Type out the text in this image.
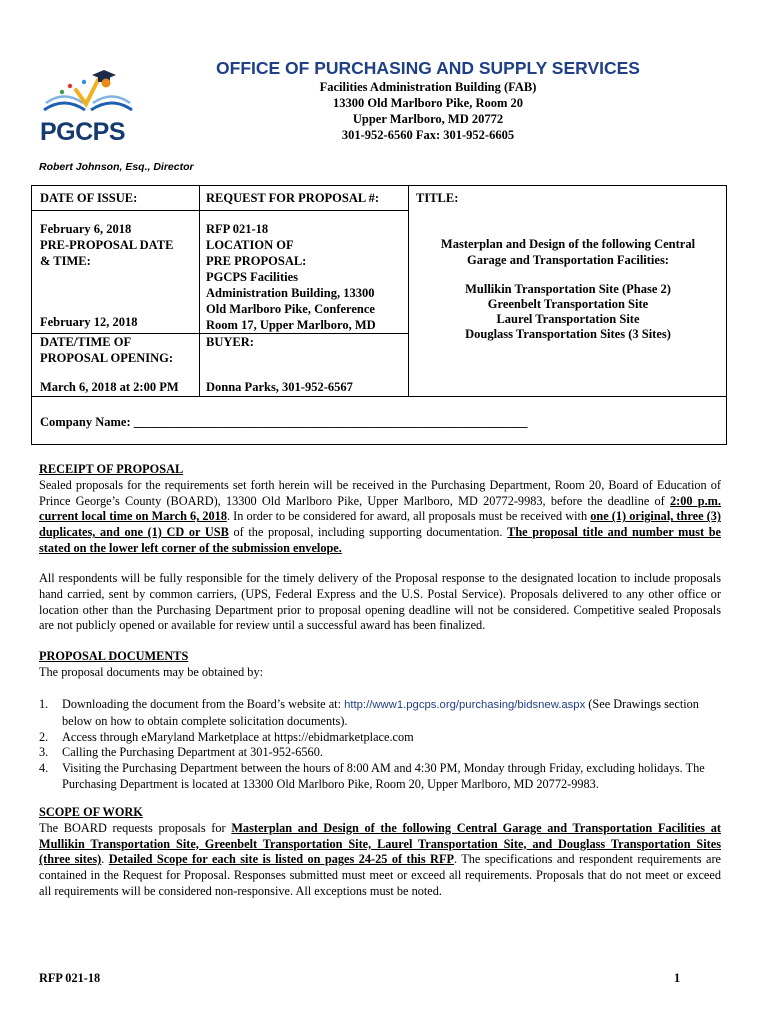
PGCPS
OFFICE OF PURCHASING AND SUPPLY SERVICES
Facilities Administration Building (FAB)
13300 Old Marlboro Pike, Room 20
Upper Marlboro, MD 20772
301-952-6560 Fax: 301-952-6605
Robert Johnson, Esq., Director
DATE OF ISSUE:
February 6, 2018
PRE-PROPOSAL DATE
& TIME:
February 12, 2018
DATE/TIME OF
PROPOSAL OPENING:
March 6, 2018 at 2:00 PM
REQUEST FOR PROPOSAL #:
RFP 021-18
LOCATION OF
PRE PROPOSAL:
PGCPS Facilities
Administration Building, 13300
Old Marlboro Pike, Conference
Room 17, Upper Marlboro, MD
BUYER:
Donna Parks, 301-952-6567
TITLE:
Masterplan and Design of the following Central
Garage and Transportation Facilities:
Mullikin Transportation Site (Phase 2)
Greenbelt Transportation Site
Laurel Transportation Site
Douglass Transportation Sites (3 Sites)
Company Name: _______________________________________________________________
RECEIPT OF PROPOSAL
Sealed proposals for the requirements set forth herein will be received in the Purchasing Department, Room 20, Board of Education of Prince George’s County (BOARD), 13300 Old Marlboro Pike, Upper Marlboro, MD 20772-9983, before the deadline of 2:00 p.m. current local time on March 6, 2018. In order to be considered for award, all proposals must be received with one (1) original, three (3) duplicates, and one (1) CD or USB of the proposal, including supporting documentation. The proposal title and number must be stated on the lower left corner of the submission envelope.
All respondents will be fully responsible for the timely delivery of the Proposal response to the designated location to include proposals hand carried, sent by common carriers, (UPS, Federal Express and the U.S. Postal Service). Proposals delivered to any other office or location other than the Purchasing Department prior to proposal opening deadline will not be considered. Competitive sealed Proposals are not publicly opened or available for review until a successful award has been finalized.
PROPOSAL DOCUMENTS
The proposal documents may be obtained by:
1. Downloading the document from the Board’s website at: http://www1.pgcps.org/purchasing/bidsnew.aspx (See Drawings section below on how to obtain complete solicitation documents).
2. Access through eMaryland Marketplace at https://ebidmarketplace.com
3. Calling the Purchasing Department at 301-952-6560.
4. Visiting the Purchasing Department between the hours of 8:00 AM and 4:30 PM, Monday through Friday, excluding holidays. The Purchasing Department is located at 13300 Old Marlboro Pike, Room 20, Upper Marlboro, MD 20772-9983.
SCOPE OF WORK
The BOARD requests proposals for Masterplan and Design of the following Central Garage and Transportation Facilities at Mullikin Transportation Site, Greenbelt Transportation Site, Laurel Transportation Site, and Douglass Transportation Sites (three sites). Detailed Scope for each site is listed on pages 24-25 of this RFP. The specifications and respondent requirements are contained in the Request for Proposal. Responses submitted must meet or exceed all requirements. Proposals that do not meet or exceed all requirements will be considered non-responsive. All exceptions must be noted.
RFP 021-18	1
